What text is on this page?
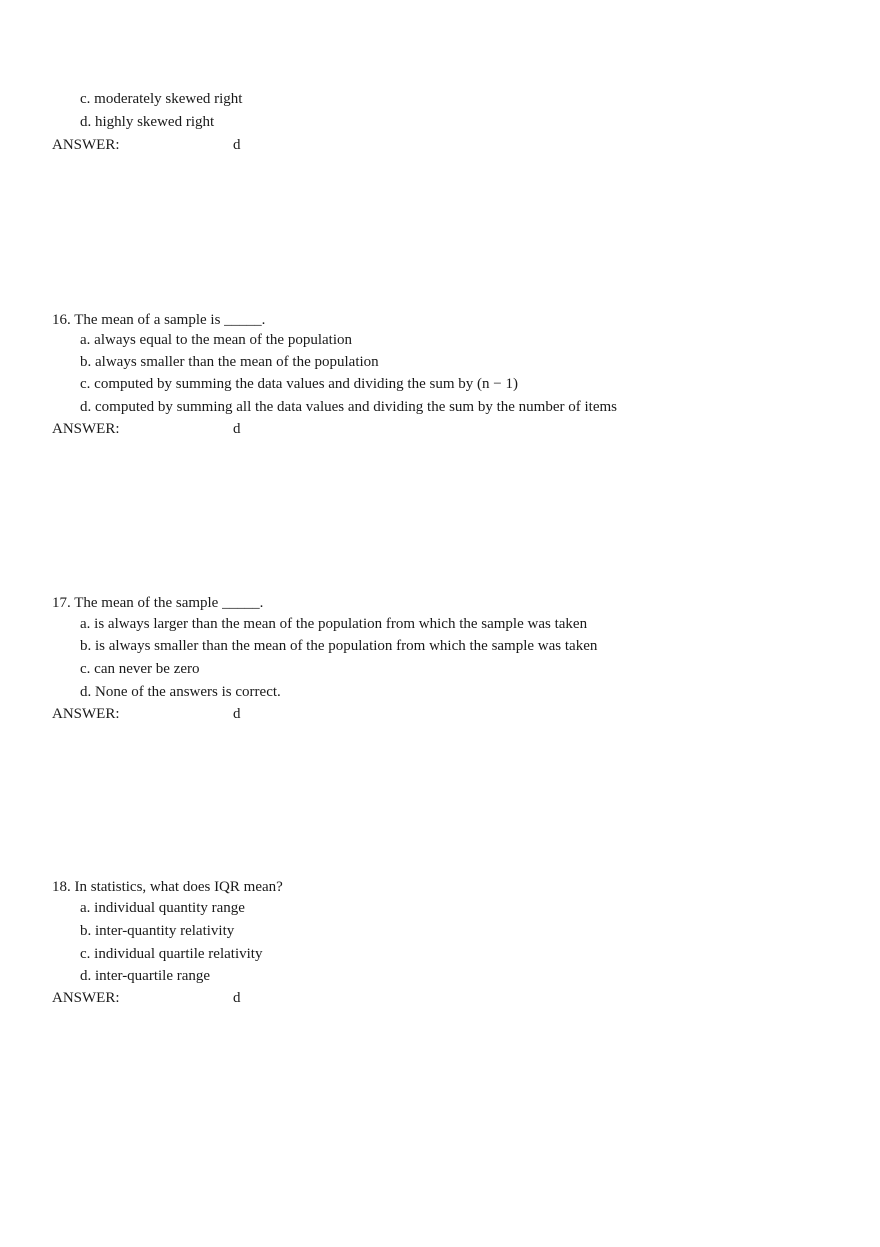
c. moderately skewed right
d. highly skewed right
ANSWER:	d
16. The mean of a sample is _____.
a. always equal to the mean of the population
b. always smaller than the mean of the population
c. computed by summing the data values and dividing the sum by (n − 1)
d. computed by summing all the data values and dividing the sum by the number of items
ANSWER:	d
17. The mean of the sample _____.
a. is always larger than the mean of the population from which the sample was taken
b. is always smaller than the mean of the population from which the sample was taken
c. can never be zero
d. None of the answers is correct.
ANSWER:	d
18. In statistics, what does IQR mean?
a. individual quantity range
b. inter-quantity relativity
c. individual quartile relativity
d. inter-quartile range
ANSWER:	d
